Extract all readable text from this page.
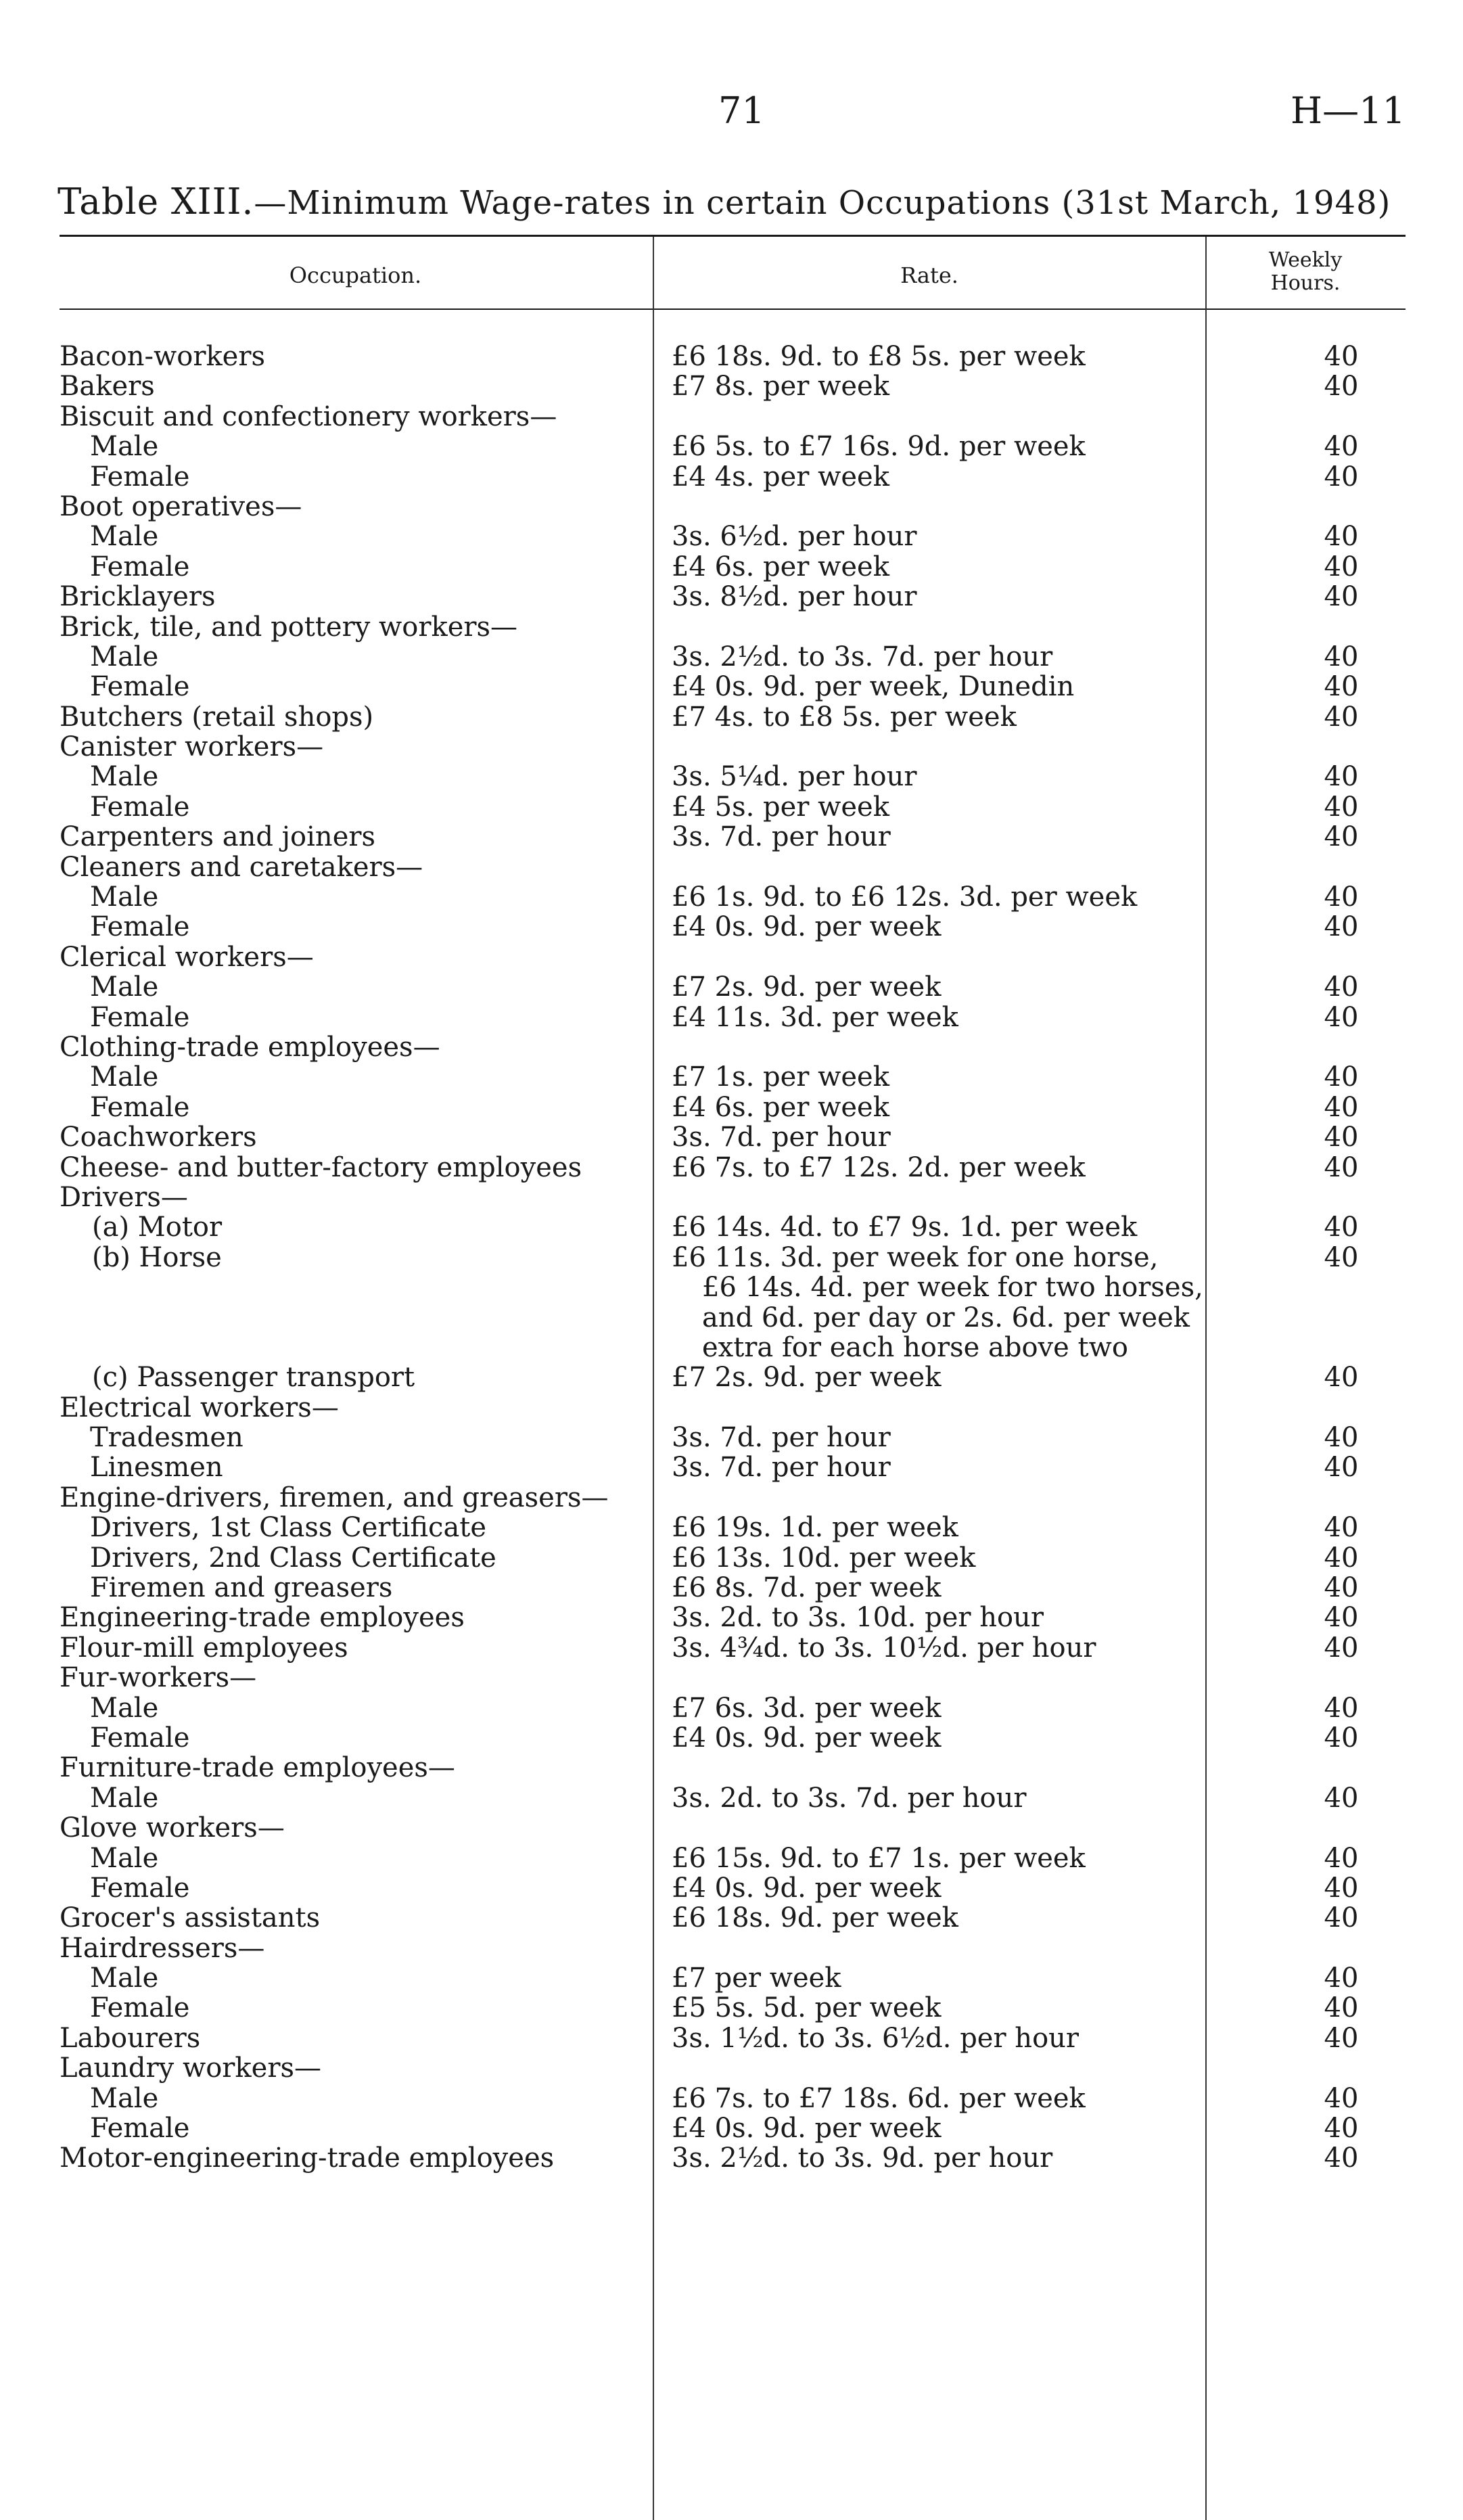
71	H—11
Table XIII.—Minimum Wage-rates in certain Occupations (31st March, 1948)
Occupation.	Rate.
Weekly
Hours.
Bacon-workers	£6 18s. 9d. to £8 5s. per week	40
Bakers	£7 8s. per week	40
Biscuit and confectionery workers—
Male	£6 5s. to £7 16s. 9d. per week	40
Female	£4 4s. per week	40
Boot operatives—
Male	3s. 6½d. per hour	40
Female	£4 6s. per week	40
Bricklayers	3s. 8½d. per hour	40
Brick, tile, and pottery workers—
Male	3s. 2½d. to 3s. 7d. per hour	40
Female	£4 0s. 9d. per week, Dunedin	40
Butchers (retail shops)	£7 4s. to £8 5s. per week	40
Canister workers—
Male	3s. 5¼d. per hour	40
Female	£4 5s. per week	40
Carpenters and joiners	3s. 7d. per hour	40
Cleaners and caretakers—
Male	£6 1s. 9d. to £6 12s. 3d. per week	40
Female	£4 0s. 9d. per week	40
Clerical workers—
Male	£7 2s. 9d. per week	40
Female	£4 11s. 3d. per week	40
Clothing-trade employees—
Male	£7 1s. per week	40
Female	£4 6s. per week	40
Coachworkers	3s. 7d. per hour	40
Cheese- and butter-factory employees	£6 7s. to £7 12s. 2d. per week	40
Drivers—
(a) Motor	£6 14s. 4d. to £7 9s. 1d. per week	40
(b) Horse	£6 11s. 3d. per week for one horse,	40
£6 14s. 4d. per week for two horses,
and 6d. per day or 2s. 6d. per week
extra for each horse above two
(c) Passenger transport	£7 2s. 9d. per week	40
Electrical workers—
Tradesmen	3s. 7d. per hour	40
Linesmen	3s. 7d. per hour	40
Engine-drivers, firemen, and greasers—
Drivers, 1st Class Certificate	£6 19s. 1d. per week	40
Drivers, 2nd Class Certificate	£6 13s. 10d. per week	40
Firemen and greasers	£6 8s. 7d. per week	40
Engineering-trade employees	3s. 2d. to 3s. 10d. per hour	40
Flour-mill employees	3s. 4¾d. to 3s. 10½d. per hour	40
Fur-workers—
Male	£7 6s. 3d. per week	40
Female	£4 0s. 9d. per week	40
Furniture-trade employees—
Male	3s. 2d. to 3s. 7d. per hour	40
Glove workers—
Male	£6 15s. 9d. to £7 1s. per week	40
Female	£4 0s. 9d. per week	40
Grocer's assistants	£6 18s. 9d. per week	40
Hairdressers—
Male	£7 per week	40
Female	£5 5s. 5d. per week	40
Labourers	3s. 1½d. to 3s. 6½d. per hour	40
Laundry workers—
Male	£6 7s. to £7 18s. 6d. per week	40
Female	£4 0s. 9d. per week	40
Motor-engineering-trade employees	3s. 2½d. to 3s. 9d. per hour	40
